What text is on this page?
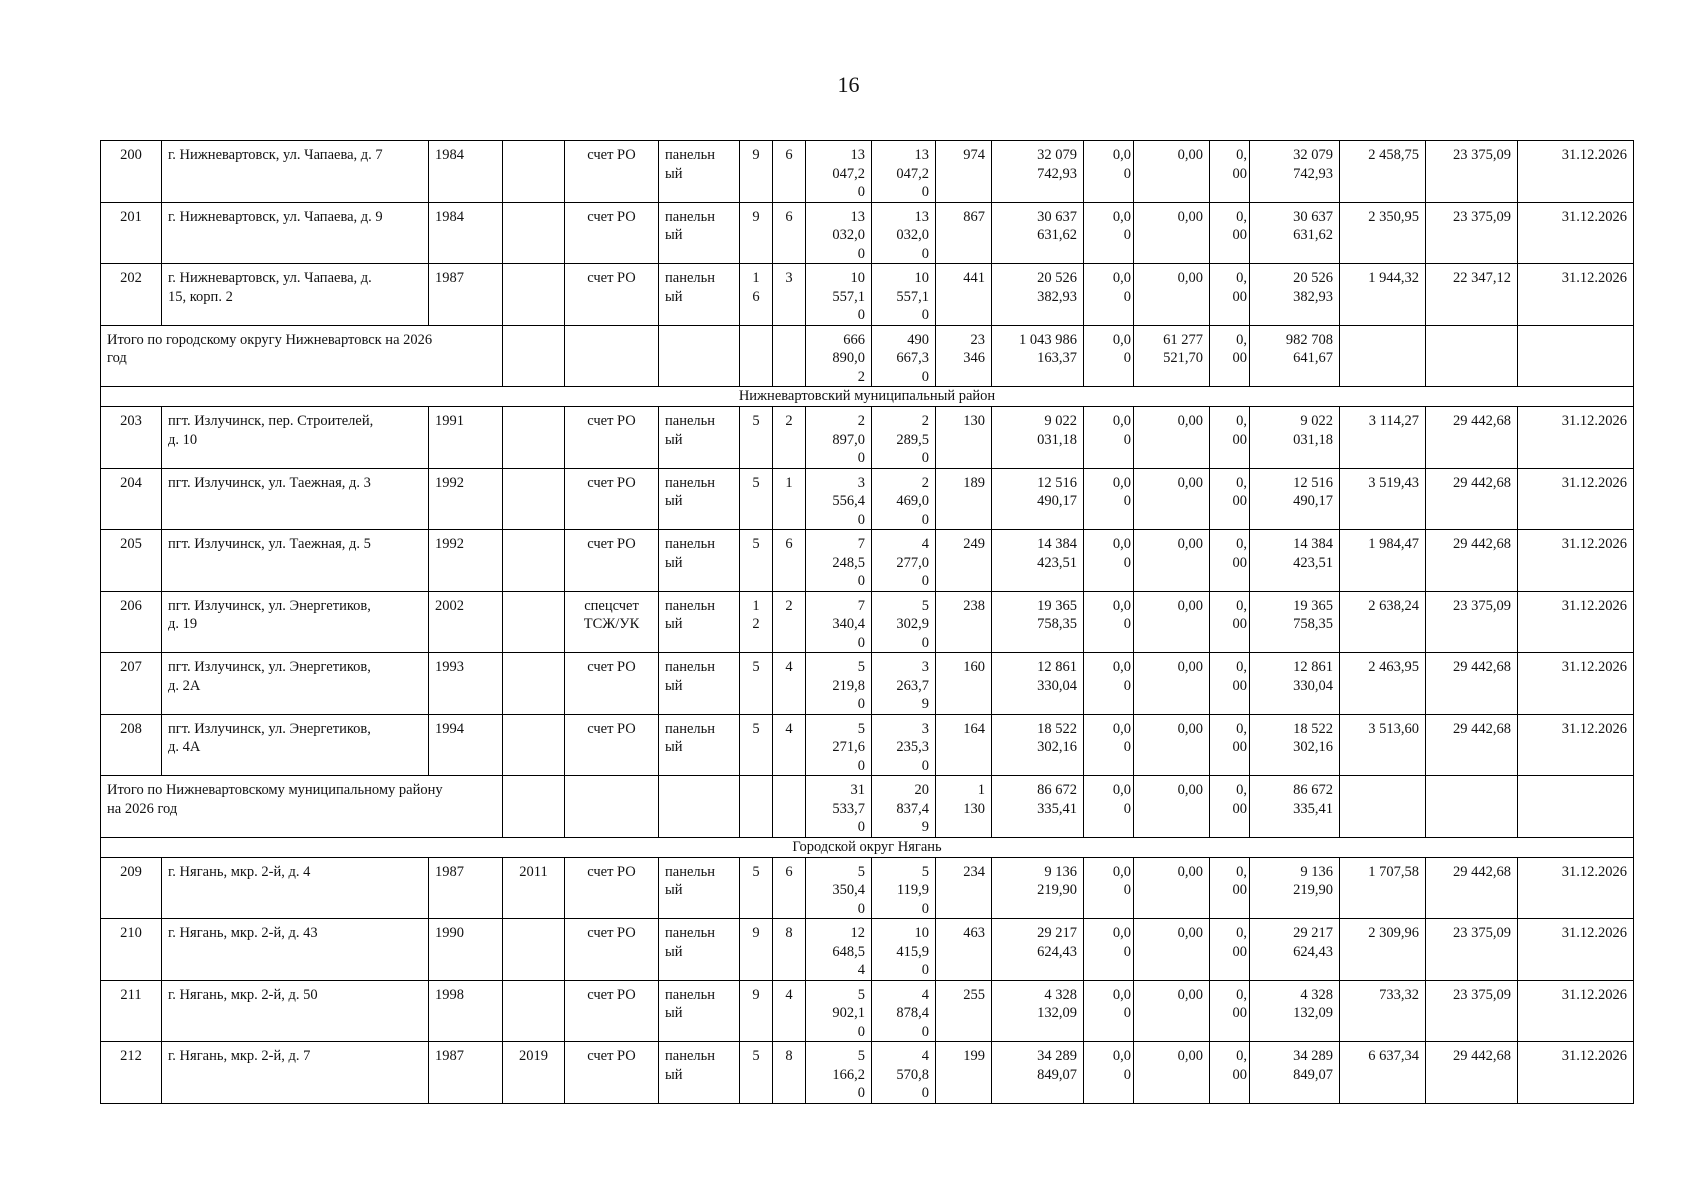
16
200	г. Нижневартовск, ул. Чапаева, д. 7	1984		счет РО	панельн
ый	9	6	13
047,2
0	13
047,2
0	974	32 079
742,93	0,0
0	0,00	0,
00	32 079
742,93	2 458,75	23 375,09	31.12.2026
201	г. Нижневартовск, ул. Чапаева, д. 9	1984		счет РО	панельн
ый	9	6	13
032,0
0	13
032,0
0	867	30 637
631,62	0,0
0	0,00	0,
00	30 637
631,62	2 350,95	23 375,09	31.12.2026
202	г. Нижневартовск, ул. Чапаева, д.
15, корп. 2	1987		счет РО	панельн
ый	1
6	3	10
557,1
0	10
557,1
0	441	20 526
382,93	0,0
0	0,00	0,
00	20 526
382,93	1 944,32	22 347,12	31.12.2026
Итого по городскому округу Нижневартовск на 2026
год								666
890,0
2	490
667,3
0	23
346	1 043 986
163,37	0,0
0	61 277
521,70	0,
00	982 708
641,67			
Нижневартовский муниципальный район																		
203	пгт. Излучинск, пер. Строителей,
д. 10	1991		счет РО	панельн
ый	5	2	2
897,0
0	2
289,5
0	130	9 022
031,18	0,0
0	0,00	0,
00	9 022
031,18	3 114,27	29 442,68	31.12.2026
204	пгт. Излучинск, ул. Таежная, д. 3	1992		счет РО	панельн
ый	5	1	3
556,4
0	2
469,0
0	189	12 516
490,17	0,0
0	0,00	0,
00	12 516
490,17	3 519,43	29 442,68	31.12.2026
205	пгт. Излучинск, ул. Таежная, д. 5	1992		счет РО	панельн
ый	5	6	7
248,5
0	4
277,0
0	249	14 384
423,51	0,0
0	0,00	0,
00	14 384
423,51	1 984,47	29 442,68	31.12.2026
206	пгт. Излучинск, ул. Энергетиков,
д. 19	2002		спецсчет
ТСЖ/УК	панельн
ый	1
2	2	7
340,4
0	5
302,9
0	238	19 365
758,35	0,0
0	0,00	0,
00	19 365
758,35	2 638,24	23 375,09	31.12.2026
207	пгт. Излучинск, ул. Энергетиков,
д. 2А	1993		счет РО	панельн
ый	5	4	5
219,8
0	3
263,7
9	160	12 861
330,04	0,0
0	0,00	0,
00	12 861
330,04	2 463,95	29 442,68	31.12.2026
208	пгт. Излучинск, ул. Энергетиков,
д. 4А	1994		счет РО	панельн
ый	5	4	5
271,6
0	3
235,3
0	164	18 522
302,16	0,0
0	0,00	0,
00	18 522
302,16	3 513,60	29 442,68	31.12.2026
Итого по Нижневартовскому муниципальному району
на 2026 год								31
533,7
0	20
837,4
9	1
130	86 672
335,41	0,0
0	0,00	0,
00	86 672
335,41			
Городской округ Нягань																		
209	г. Нягань, мкр. 2-й, д. 4	1987	2011	счет РО	панельн
ый	5	6	5
350,4
0	5
119,9
0	234	9 136
219,90	0,0
0	0,00	0,
00	9 136
219,90	1 707,58	29 442,68	31.12.2026
210	г. Нягань, мкр. 2-й, д. 43	1990		счет РО	панельн
ый	9	8	12
648,5
4	10
415,9
0	463	29 217
624,43	0,0
0	0,00	0,
00	29 217
624,43	2 309,96	23 375,09	31.12.2026
211	г. Нягань, мкр. 2-й, д. 50	1998		счет РО	панельн
ый	9	4	5
902,1
0	4
878,4
0	255	4 328
132,09	0,0
0	0,00	0,
00	4 328
132,09	733,32	23 375,09	31.12.2026
212	г. Нягань, мкр. 2-й, д. 7	1987	2019	счет РО	панельн
ый	5	8	5
166,2
0	4
570,8
0	199	34 289
849,07	0,0
0	0,00	0,
00	34 289
849,07	6 637,34	29 442,68	31.12.2026
